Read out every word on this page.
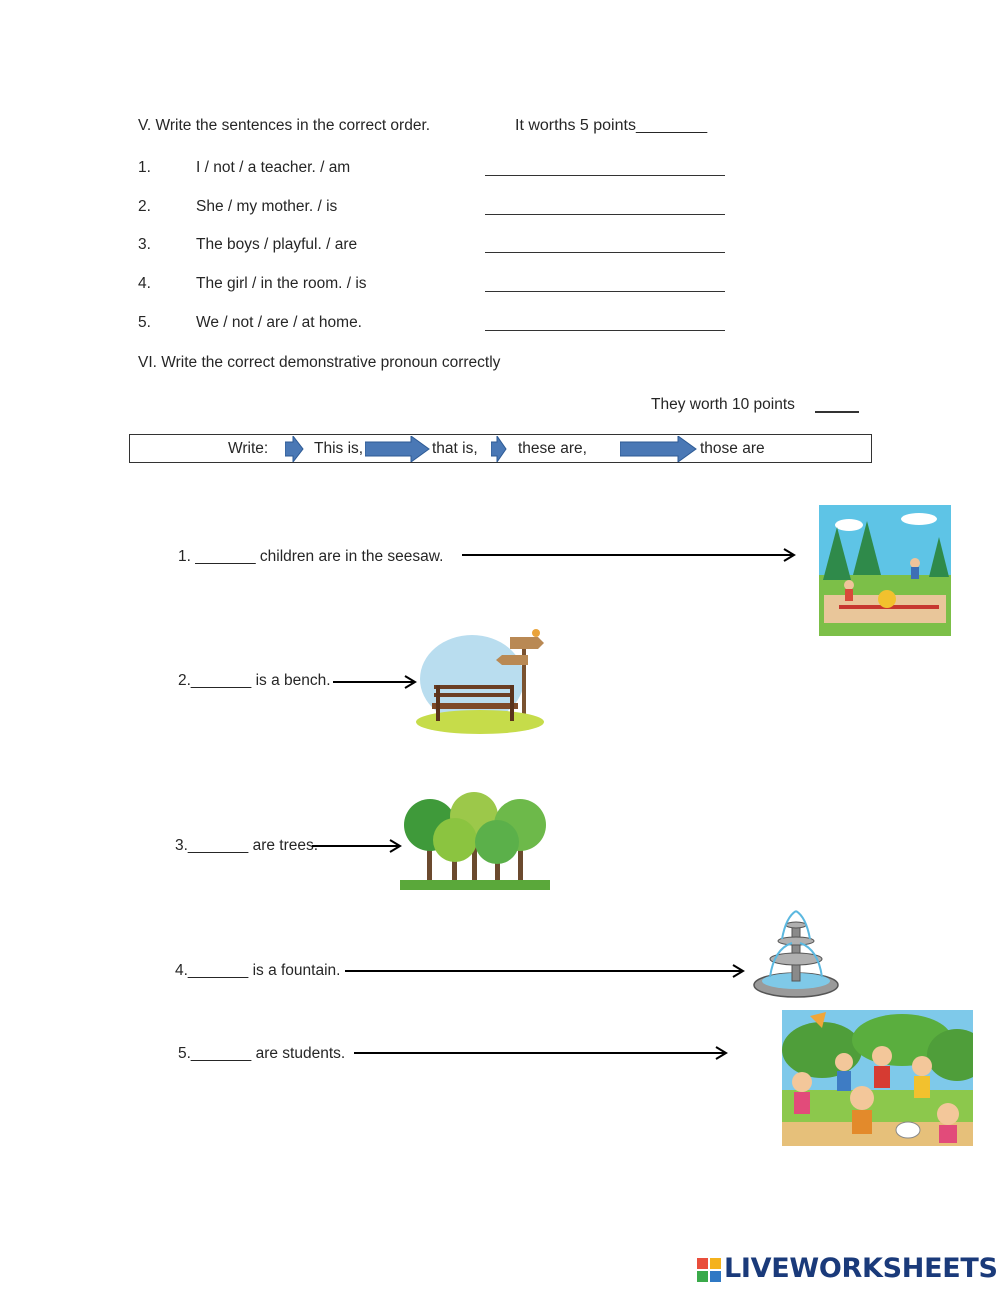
V. Write the sentences in the correct order.	It worths 5 points________
1.	I / not / a teacher. / am
2.	She / my mother. / is
3.	The boys / playful. / are
4.	The girl / in the room. / is
5.	We / not / are / at home.
VI. Write the correct demonstrative pronoun correctly
They worth 10 points
Write:	This is,	that is,	these are,	those are
1. _______ children are in the seesaw.
2._______ is a bench.
3._______ are trees.
4._______ is a fountain.
5._______ are students.
LIVEWORKSHEETS
